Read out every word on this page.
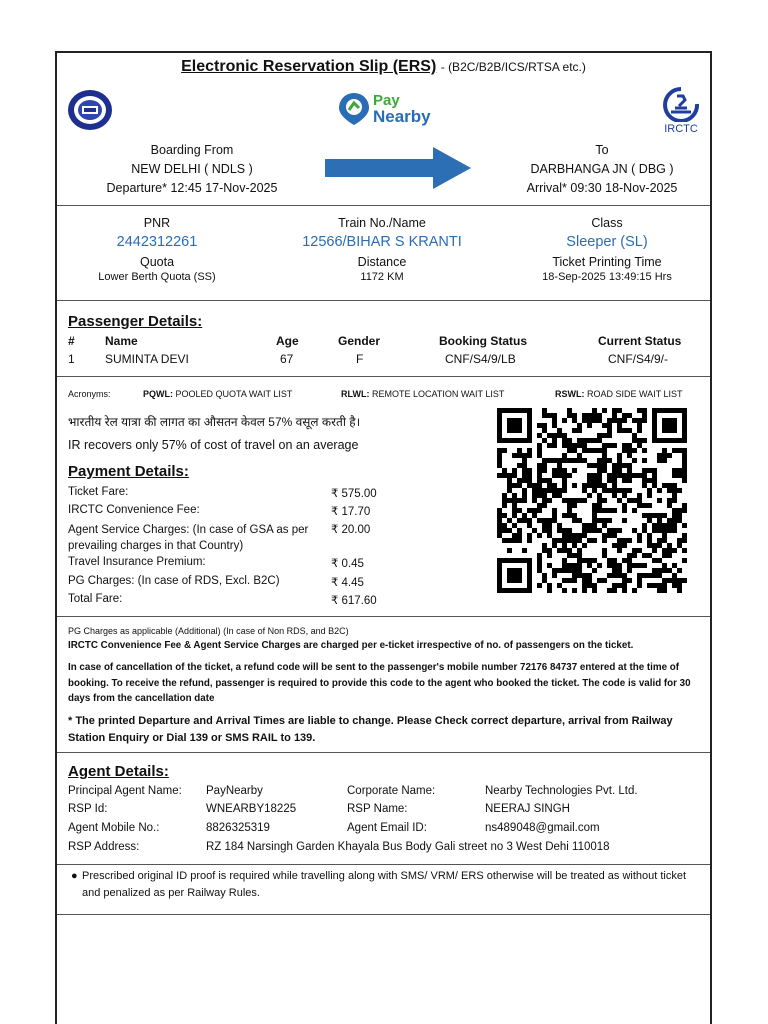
Electronic Reservation Slip (ERS) - (B2C/B2B/ICS/RTSA etc.)
Pay
Nearby
IRCTC
Boarding From
NEW DELHI ( NDLS )
Departure* 12:45 17-Nov-2025
To
DARBHANGA JN ( DBG )
Arrival* 09:30 18-Nov-2025
PNR
2442312261
Quota
Lower Berth Quota (SS)
Train No./Name
12566/BIHAR S KRANTI
Distance
1172 KM
Class
Sleeper (SL)
Ticket Printing Time
18-Sep-2025 13:49:15 Hrs
Passenger Details:
#	Name	Age	Gender	Booking Status	Current Status
1	SUMINTA DEVI	67	F	CNF/S4/9/LB	CNF/S4/9/-
Acronyms:	PQWL: POOLED QUOTA WAIT LIST	RLWL: REMOTE LOCATION WAIT LIST	RSWL: ROAD SIDE WAIT LIST
भारतीय रेल यात्रा की लागत का औसतन केवल 57% वसूल करती है।
IR recovers only 57% of cost of travel on an average
Payment Details:
Ticket Fare:	₹ 575.00
IRCTC Convenience Fee:	₹ 17.70
Agent Service Charges: (In case of GSA as per prevailing charges in that Country)
₹ 20.00
Travel Insurance Premium:	₹ 0.45
PG Charges: (In case of RDS, Excl. B2C)	₹ 4.45
Total Fare:	₹ 617.60
PG Charges as applicable (Additional) (In case of Non RDS, and B2C)
IRCTC Convenience Fee & Agent Service Charges are charged per e-ticket irrespective of no. of passengers on the ticket.
In case of cancellation of the ticket, a refund code will be sent to the passenger's mobile number 72176 84737 entered at the time of booking. To receive the refund, passenger is required to provide this code to the agent who booked the ticket. The code is valid for 30 days from the cancellation date
* The printed Departure and Arrival Times are liable to change. Please Check correct departure, arrival from Railway Station Enquiry or Dial 139 or SMS RAIL to 139.
Agent Details:
Principal Agent Name: PayNearby	Corporate Name:	Nearby Technologies Pvt. Ltd.
RSP Id:	WNEARBY18225	RSP Name:	NEERAJ SINGH
Agent Mobile No.:	8826325319	Agent Email ID:	ns489048@gmail.com
RSP Address:	RZ 184 Narsingh Garden Khayala Bus Body Gali street no 3 West Dehi 110018
● Prescribed original ID proof is required while travelling along with SMS/ VRM/ ERS otherwise will be treated as without ticket and penalized as per Railway Rules.
